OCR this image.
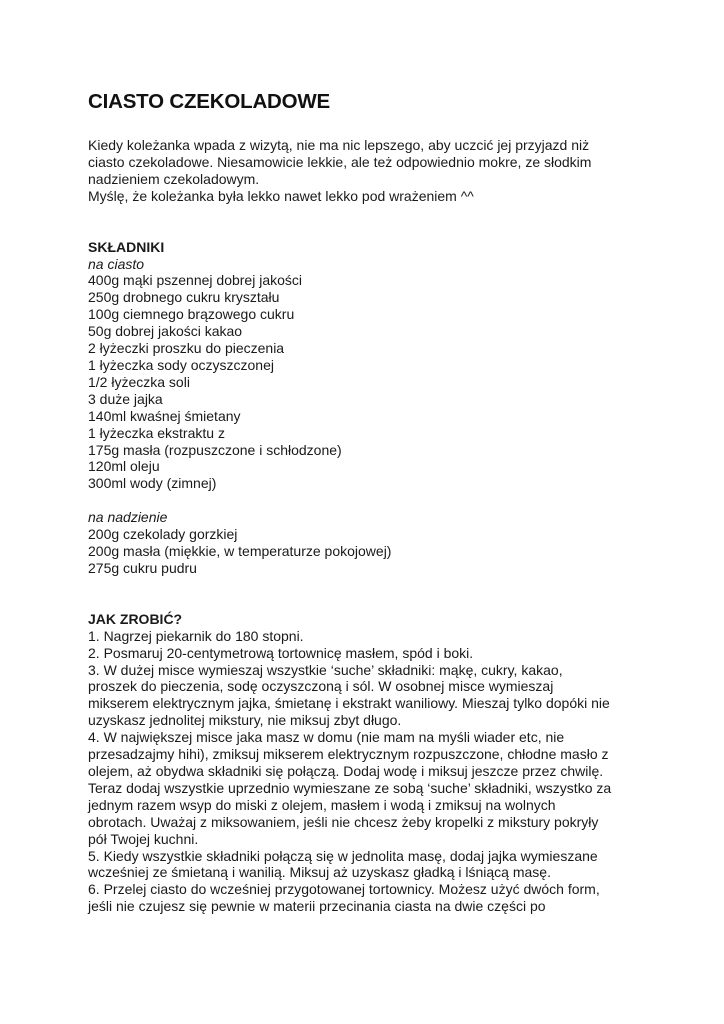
CIASTO CZEKOLADOWE

Kiedy koleżanka wpada z wizytą, nie ma nic lepszego, aby uczcić jej przyjazd niż
ciasto czekoladowe. Niesamowicie lekkie, ale też odpowiednio mokre, ze słodkim
nadzieniem czekoladowym.
Myślę, że koleżanka była lekko nawet lekko pod wrażeniem ^^

SKŁADNIKI
na ciasto
400g mąki pszennej dobrej jakości
250g drobnego cukru kryształu
100g ciemnego brązowego cukru
50g dobrej jakości kakao
2 łyżeczki proszku do pieczenia
1 łyżeczka sody oczyszczonej
1/2 łyżeczka soli
3 duże jajka
140ml kwaśnej śmietany
1 łyżeczka ekstraktu z
175g masła (rozpuszczone i schłodzone)
120ml oleju
300ml wody (zimnej)
na nadzienie
200g czekolady gorzkiej
200g masła (miękkie, w temperaturze pokojowej)
275g cukru pudru
JAK ZROBIĆ?
1. Nagrzej piekarnik do 180 stopni.
2. Posmaruj 20-centymetrową tortownicę masłem, spód i boki.
3. W dużej misce wymieszaj wszystkie ‘suche’ składniki: mąkę, cukry, kakao,
proszek do pieczenia, sodę oczyszczoną i sól. W osobnej misce wymieszaj
mikserem elektrycznym jajka, śmietanę i ekstrakt waniliowy. Mieszaj tylko dopóki nie
uzyskasz jednolitej mikstury, nie miksuj zbyt długo.
4. W największej misce jaka masz w domu (nie mam na myśli wiader etc, nie
przesadzajmy hihi), zmiksuj mikserem elektrycznym rozpuszczone, chłodne masło z
olejem, aż obydwa składniki się połączą. Dodaj wodę i miksuj jeszcze przez chwilę.
Teraz dodaj wszystkie uprzednio wymieszane ze sobą ‘suche’ składniki, wszystko za
jednym razem wsyp do miski z olejem, masłem i wodą i zmiksuj na wolnych
obrotach. Uważaj z miksowaniem, jeśli nie chcesz żeby kropelki z mikstury pokryły
pół Twojej kuchni.
5. Kiedy wszystkie składniki połączą się w jednolita masę, dodaj jajka wymieszane
wcześniej ze śmietaną i wanilią. Miksuj aż uzyskasz gładką i lśniącą masę.
6. Przelej ciasto do wcześniej przygotowanej tortownicy. Możesz użyć dwóch form,
jeśli nie czujesz się pewnie w materii przecinania ciasta na dwie części po
